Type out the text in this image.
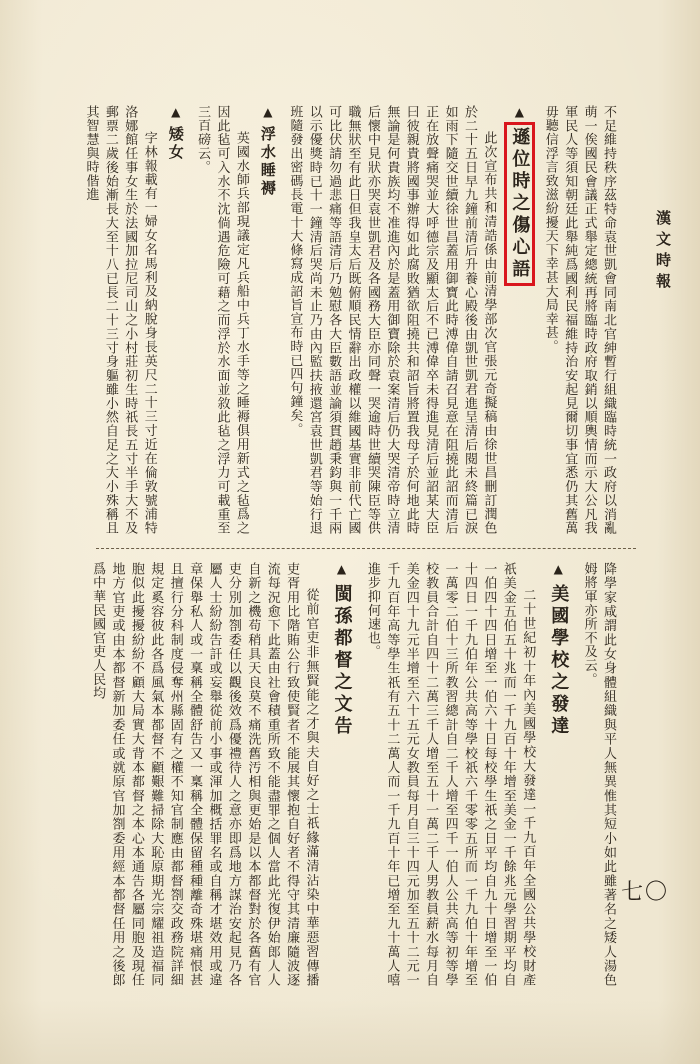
漢文時報

不足維持秩序茲特命袁世凱會同南北官紳暫行組織臨時統一政府以消亂萌一俟國民會議正式舉定總統再將臨時政府取銷以順輿情而示大公凡我軍民人等須知朝廷此舉純爲國利民福維持治安起見爾切事宜悉仍其舊萬毋聽信浮言致滋紛擾天下幸甚大局幸甚。

▲遜位時之傷心語

此次宣布共和清誥係由前清學部次官張元奇擬稿由徐世昌刪訂潤色於二十五日早九鐘前清后升養心殿後由凱世凱君進呈清后閱未終篇已淚如雨下隨交世續徐世昌蓋用御寶此時溥偉自請召見意在阻撓此詔而清后正在放聲痛哭並大呼德宗及顯太后不已溥偉卒未得進見清后並詔某大臣曰彼親貴將國事辦得如此腐敗猶欲阻撓共和詔旨將置我母子於何地此時無論是何貴族均不准進內於是蓋用御寶除於袁案清后仍大哭清帝時立清后懷中見狀亦哭袁世凱君及各國務大臣亦同聲一哭逾時世續哭陳臣等供職無狀至有此日但我皇太后既俯順民情辭出政權以維國基實非前代亡國可比伏請勿過悲痛等語清后乃勉慰各大臣數語並論須貫趙秉鈞與一千兩以示優獎時已十一鐘清后哭尚未止乃由內監扶掖還宮袁世凱君等始行退班隨發出密碼長電十大條寫成詔旨宣布時已四句鐘矣。

▲浮水睡褥

英國水師兵部現議定凡兵船中兵丁水手等之睡褥俱用新式之毡爲之因此毡可入水不沈倘遇危險可藉之而浮於水面並敘此毡之浮力可載重至三百磅云。

▲矮女

字林報載有一婦女名馬利及納脫身長英尺二十三寸近在倫敦號浦特洛娜館任事女生於法國加拉尼司山之小村莊初生時祇長五寸半手大不及郵票二歲後始漸長大至十八已長二十三寸身軀雖小然自足之大小殊稱且其智慧與時偕進

降學家咸謂此女身體組織與平人無異惟其短小如此雖著名之矮人湯色姆將軍亦所不及云。

▲美國學校之發達

二十世紀初十年內美國學校大發達一千九百年全國公共學校財產祇美金五伯五十兆而一千九百十年增至美金一千餘兆元學習期平均自一伯四十四日增至一伯六十日每校學生祇之日平均自九十日增至一伯十四日一千九伯年公共高等學校祇六千零零五所而一千九伯十年增至一萬零二伯十三所教習總計自二千人增至四千一伯人公共高等初等學校教員合計自四十二萬三千人增至五十一萬二千人男教員薪水每月自美金四十九元半增至六十五元女教員每月自三十四元加至五十二元一千九百年高等學生祇有五十二萬人而一千九百十年已增至九十萬人嘻進步抑何速也。

▲閩孫都督之文告

從前官吏非無賢能之才與夫自好之士祇緣滿清沾染中華惡習傳播吏胥用比階賄公行致使賢者不能展其懷抱自好者不得守其清廉隨波逐流每況愈下此蓋由社會積重所致不能盡罪之個人當此光復伊始郎人人自新之機苟稍具天良莫不痛洗舊汚相與更始是以本都督對於各舊有官吏分別加劄委任以觀後效爲優禮待人之意亦即爲地方謀治安起見乃各屬人士紛紛告訐或妄舉從前小事或渾加概括罪名或自稱才堪效用或違章保舉私人或一稟稱全體舒告又一稟稱全體保留種種離奇殊堪痛恨甚且擅行分科制度侵奪州縣固有之權不知官制應由都督劄交政務院詳細規定奚容彼此各爲風氣本都督不顧艱難掃除大恥原期光宗耀祖造福同胞似此擾擾紛紛不顧大局實大背本都督之本心本通告各屬同胞及現任地方官吏或由本都督新加委任或就原官加劄委用經本都督任用之後郎爲中華民國官吏人民均

七〇
